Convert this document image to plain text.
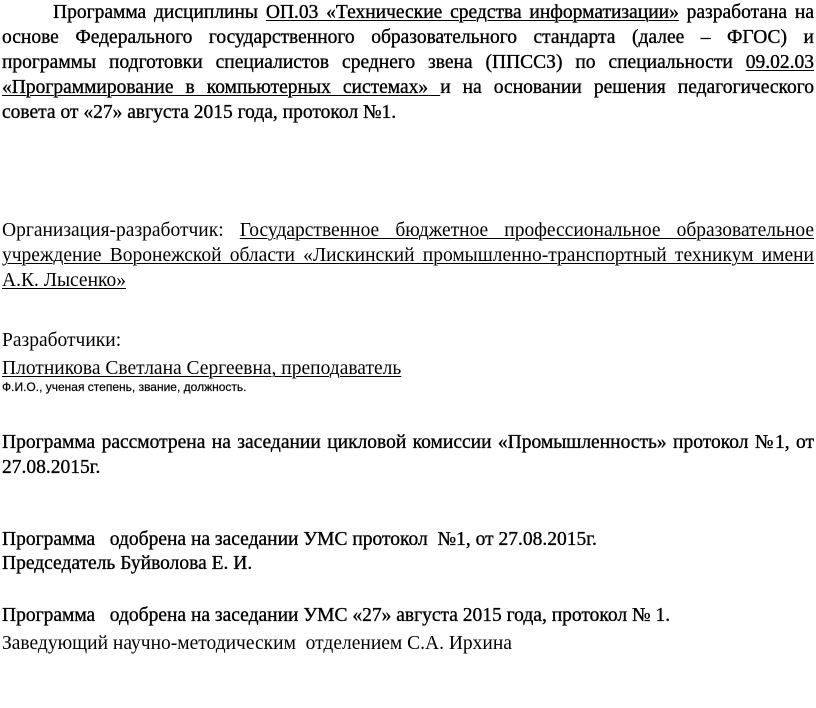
Программа дисциплины ОП.03 «Технические средства информатизации» разработана на основе Федерального государственного образовательного стандарта (далее – ФГОС) и программы подготовки специалистов среднего звена (ППССЗ) по специальности 09.02.03 «Программирование в компьютерных системах» и на основании решения педагогического совета от «27» августа 2015 года, протокол №1.

Организация-разработчик: Государственное бюджетное профессиональное образовательное учреждение Воронежской области «Лискинский промышленно-транспортный техникум имени А.К. Лысенко»

Разработчики:

Плотникова Светлана Сергеевна, преподаватель

Ф.И.О., ученая степень, звание, должность.

Программа рассмотрена на заседании цикловой комиссии «Промышленность» протокол №1, от 27.08.2015г.

Программа   одобрена на заседании УМС протокол  №1, от 27.08.2015г.

Председатель Буйволова Е. И.

Программа   одобрена на заседании УМС «27» августа 2015 года, протокол № 1.

Заведующий научно-методическим  отделением С.А. Ирхина
